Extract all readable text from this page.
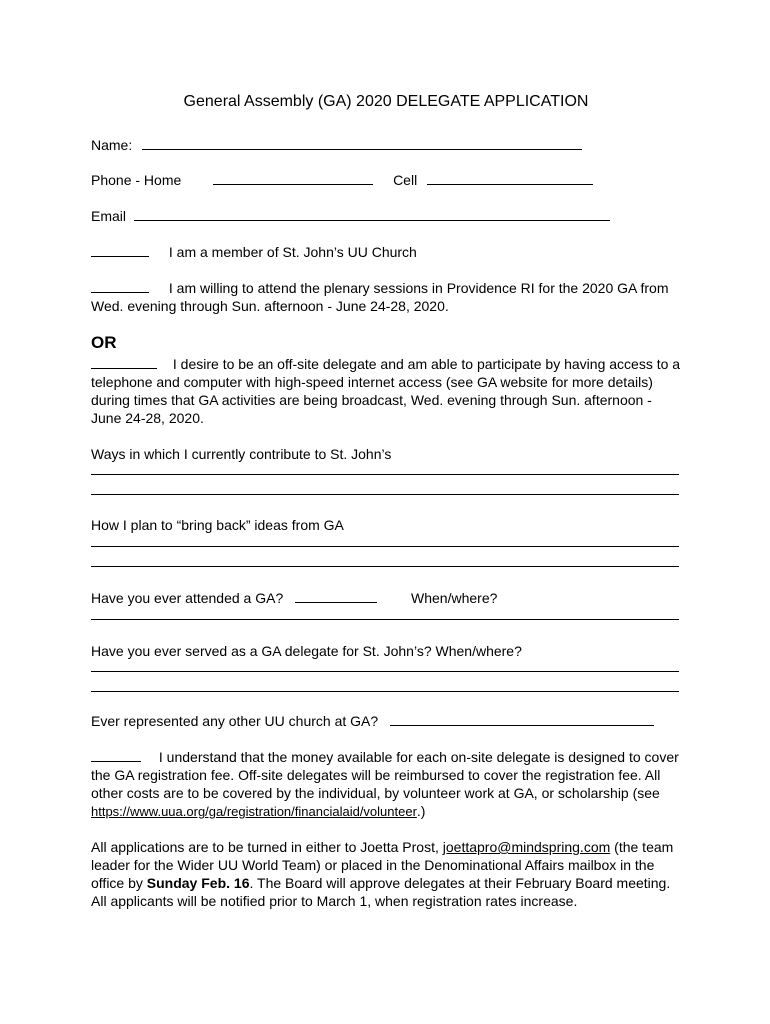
General Assembly (GA) 2020 DELEGATE APPLICATION
Name:
Phone - Home	Cell
Email
I am a member of St. John’s UU Church
I am willing to attend the plenary sessions in Providence RI for the 2020 GA from Wed. evening through Sun. afternoon - June 24-28, 2020.
OR
I desire to be an off-site delegate and am able to participate by having access to a telephone and computer with high-speed internet access (see GA website for more details) during times that GA activities are being broadcast, Wed. evening through Sun. afternoon - June 24-28, 2020.
Ways in which I currently contribute to St. John’s
How I plan to “bring back” ideas from GA
Have you ever attended a GA?	When/where?
Have you ever served as a GA delegate for St. John’s? When/where?
Ever represented any other UU church at GA?
I understand that the money available for each on-site delegate is designed to cover the GA registration fee. Off-site delegates will be reimbursed to cover the registration fee. All other costs are to be covered by the individual, by volunteer work at GA, or scholarship (see https://www.uua.org/ga/registration/financialaid/volunteer.)
All applications are to be turned in either to Joetta Prost, joettapro@mindspring.com (the team leader for the Wider UU World Team) or placed in the Denominational Affairs mailbox in the office by Sunday Feb. 16. The Board will approve delegates at their February Board meeting. All applicants will be notified prior to March 1, when registration rates increase.
